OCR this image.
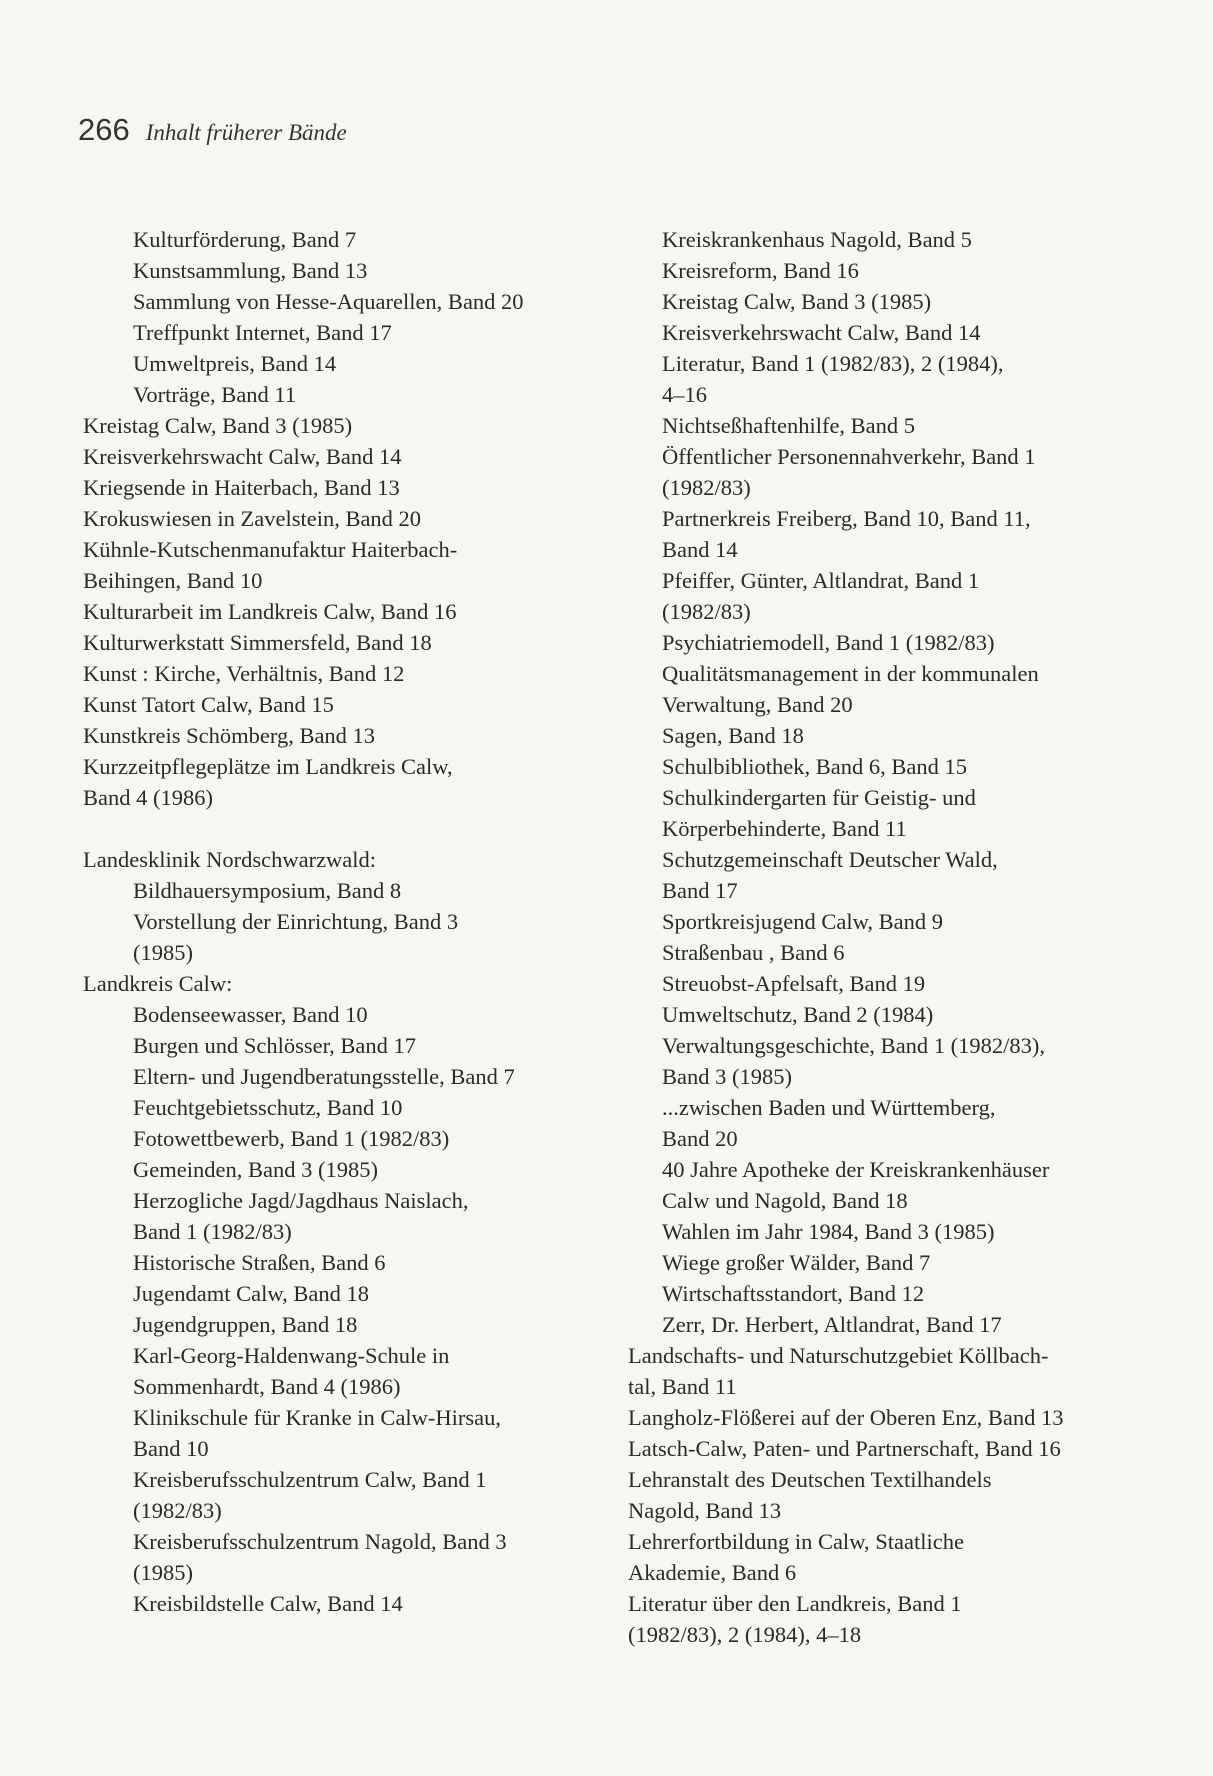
266 Inhalt früherer Bände
Kulturförderung, Band 7
Kunstsammlung, Band 13
Sammlung von Hesse-Aquarellen, Band 20
Treffpunkt Internet, Band 17
Umweltpreis, Band 14
Vorträge, Band 11
Kreistag Calw, Band 3 (1985)
Kreisverkehrswacht Calw, Band 14
Kriegsende in Haiterbach, Band 13
Krokuswiesen in Zavelstein, Band 20
Kühnle-Kutschenmanufaktur Haiterbach-
Beihingen, Band 10
Kulturarbeit im Landkreis Calw, Band 16
Kulturwerkstatt Simmersfeld, Band 18
Kunst : Kirche, Verhältnis, Band 12
Kunst Tatort Calw, Band 15
Kunstkreis Schömberg, Band 13
Kurzzeitpflegeplätze im Landkreis Calw,
Band 4 (1986)
Landesklinik Nordschwarzwald:
Bildhauersymposium, Band 8
Vorstellung der Einrichtung, Band 3
(1985)
Landkreis Calw:
Bodenseewasser, Band 10
Burgen und Schlösser, Band 17
Eltern- und Jugendberatungsstelle, Band 7
Feuchtgebietsschutz, Band 10
Fotowettbewerb, Band 1 (1982/83)
Gemeinden, Band 3 (1985)
Herzogliche Jagd/Jagdhaus Naislach,
Band 1 (1982/83)
Historische Straßen, Band 6
Jugendamt Calw, Band 18
Jugendgruppen, Band 18
Karl-Georg-Haldenwang-Schule in
Sommenhardt, Band 4 (1986)
Klinikschule für Kranke in Calw-Hirsau,
Band 10
Kreisberufsschulzentrum Calw, Band 1
(1982/83)
Kreisberufsschulzentrum Nagold, Band 3
(1985)
Kreisbildstelle Calw, Band 14
Kreiskrankenhaus Nagold, Band 5
Kreisreform, Band 16
Kreistag Calw, Band 3 (1985)
Kreisverkehrswacht Calw, Band 14
Literatur, Band 1 (1982/83), 2 (1984),
4–16
Nichtseßhaftenhilfe, Band 5
Öffentlicher Personennahverkehr, Band 1
(1982/83)
Partnerkreis Freiberg, Band 10, Band 11,
Band 14
Pfeiffer, Günter, Altlandrat, Band 1
(1982/83)
Psychiatriemodell, Band 1 (1982/83)
Qualitätsmanagement in der kommunalen
Verwaltung, Band 20
Sagen, Band 18
Schulbibliothek, Band 6, Band 15
Schulkindergarten für Geistig- und
Körperbehinderte, Band 11
Schutzgemeinschaft Deutscher Wald,
Band 17
Sportkreisjugend Calw, Band 9
Straßenbau , Band 6
Streuobst-Apfelsaft, Band 19
Umweltschutz, Band 2 (1984)
Verwaltungsgeschichte, Band 1 (1982/83),
Band 3 (1985)
...zwischen Baden und Württemberg,
Band 20
40 Jahre Apotheke der Kreiskrankenhäuser
Calw und Nagold, Band 18
Wahlen im Jahr 1984, Band 3 (1985)
Wiege großer Wälder, Band 7
Wirtschaftsstandort, Band 12
Zerr, Dr. Herbert, Altlandrat, Band 17
Landschafts- und Naturschutzgebiet Köllbach-
tal, Band 11
Langholz-Flößerei auf der Oberen Enz, Band 13
Latsch-Calw, Paten- und Partnerschaft, Band 16
Lehranstalt des Deutschen Textilhandels
Nagold, Band 13
Lehrerfortbildung in Calw, Staatliche
Akademie, Band 6
Literatur über den Landkreis, Band 1
(1982/83), 2 (1984), 4–18
